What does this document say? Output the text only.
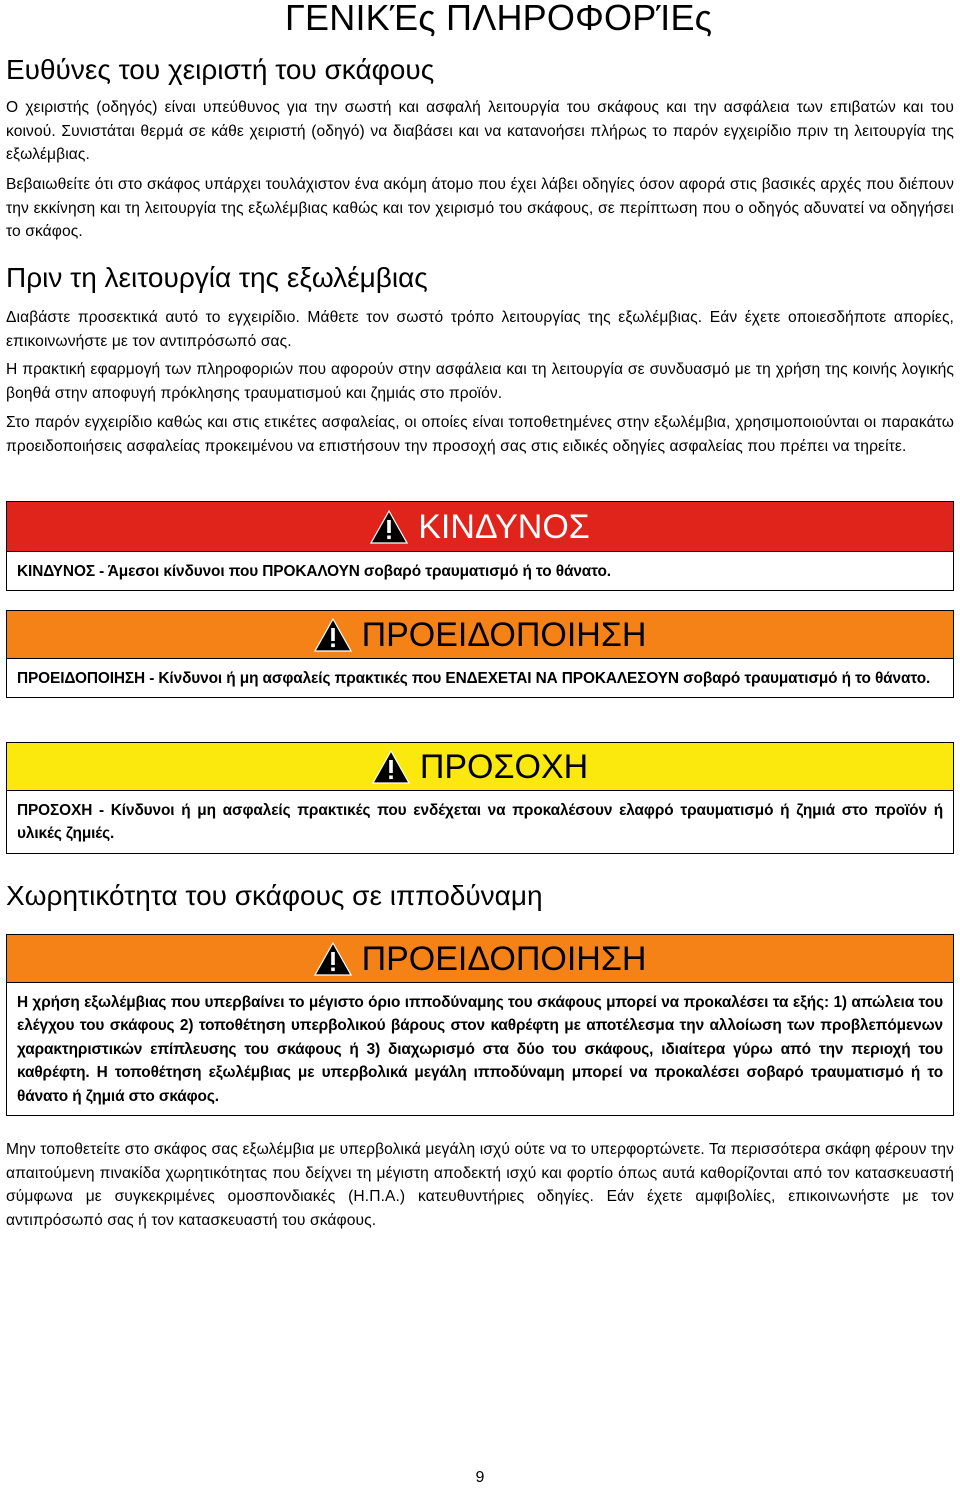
ΓΕΝΙΚΈς ΠΛΗΡΟΦΟΡΊΕς
Ευθύνες του χειριστή του σκάφους

Ο χειριστής (οδηγός) είναι υπεύθυνος για την σωστή και ασφαλή λειτουργία του σκάφους και την ασφάλεια των επιβατών και του κοινού. Συνιστάται θερμά σε κάθε χειριστή (οδηγό) να διαβάσει και να κατανοήσει πλήρως το παρόν εγχειρίδιο πριν τη λειτουργία της εξωλέμβιας.

Βεβαιωθείτε ότι στο σκάφος υπάρχει τουλάχιστον ένα ακόμη άτομο που έχει λάβει οδηγίες όσον αφορά στις βασικές αρχές που διέπουν την εκκίνηση και τη λειτουργία της εξωλέμβιας καθώς και τον χειρισμό του σκάφους, σε περίπτωση που ο οδηγός αδυνατεί να οδηγήσει το σκάφος.

Πριν τη λειτουργία της εξωλέμβιας

Διαβάστε προσεκτικά αυτό το εγχειρίδιο. Μάθετε τον σωστό τρόπο λειτουργίας της εξωλέμβιας. Εάν έχετε οποιεσδήποτε απορίες, επικοινωνήστε με τον αντιπρόσωπό σας.

Η πρακτική εφαρμογή των πληροφοριών που αφορούν στην ασφάλεια και τη λειτουργία σε συνδυασμό με τη χρήση της κοινής λογικής βοηθά στην αποφυγή πρόκλησης τραυματισμού και ζημιάς στο προϊόν.

Στο παρόν εγχειρίδιο καθώς και στις ετικέτες ασφαλείας, οι οποίες είναι τοποθετημένες στην εξωλέμβια, χρησιμοποιούνται οι παρακάτω προειδοποιήσεις ασφαλείας προκειμένου να επιστήσουν την προσοχή σας στις ειδικές οδηγίες ασφαλείας που πρέπει να τηρείτε.

ΚΙΝΔΥΝΟΣ
ΚΙΝΔΥΝΟΣ - Άμεσοι κίνδυνοι που ΠΡΟΚΑΛΟΥΝ σοβαρό τραυματισμό ή το θάνατο.
ΠΡΟΕΙΔΟΠΟΙΗΣΗ
ΠΡΟΕΙΔΟΠΟΙΗΣΗ - Κίνδυνοι ή μη ασφαλείς πρακτικές που ΕΝΔΕΧΕΤΑΙ ΝΑ ΠΡΟΚΑΛΕΣΟΥΝ σοβαρό τραυματισμό ή το θάνατο.
ΠΡΟΣΟΧΗ
ΠΡΟΣΟΧΗ - Κίνδυνοι ή μη ασφαλείς πρακτικές που ενδέχεται να προκαλέσουν ελαφρό τραυματισμό ή ζημιά στο προϊόν ή υλικές ζημιές.
Χωρητικότητα του σκάφους σε ιπποδύναμη
ΠΡΟΕΙΔΟΠΟΙΗΣΗ
Η χρήση εξωλέμβιας που υπερβαίνει το μέγιστο όριο ιπποδύναμης του σκάφους μπορεί να προκαλέσει τα εξής: 1) απώλεια του ελέγχου του σκάφους 2) τοποθέτηση υπερβολικού βάρους στον καθρέφτη με αποτέλεσμα την αλλοίωση των προβλεπόμενων χαρακτηριστικών επίπλευσης του σκάφους ή 3) διαχωρισμό στα δύο του σκάφους, ιδιαίτερα γύρω από την περιοχή του καθρέφτη. Η τοποθέτηση εξωλέμβιας με υπερβολικά μεγάλη ιπποδύναμη μπορεί να προκαλέσει σοβαρό τραυματισμό ή το θάνατο ή ζημιά στο σκάφος.

Μην τοποθετείτε στο σκάφος σας εξωλέμβια με υπερβολικά μεγάλη ισχύ ούτε να το υπερφορτώνετε. Τα περισσότερα σκάφη φέρουν την απαιτούμενη πινακίδα χωρητικότητας που δείχνει τη μέγιστη αποδεκτή ισχύ και φορτίο όπως αυτά καθορίζονται από τον κατασκευαστή σύμφωνα με συγκεκριμένες ομοσπονδιακές (Η.Π.Α.) κατευθυντήριες οδηγίες. Εάν έχετε αμφιβολίες, επικοινωνήστε με τον αντιπρόσωπό σας ή τον κατασκευαστή του σκάφους.

9
